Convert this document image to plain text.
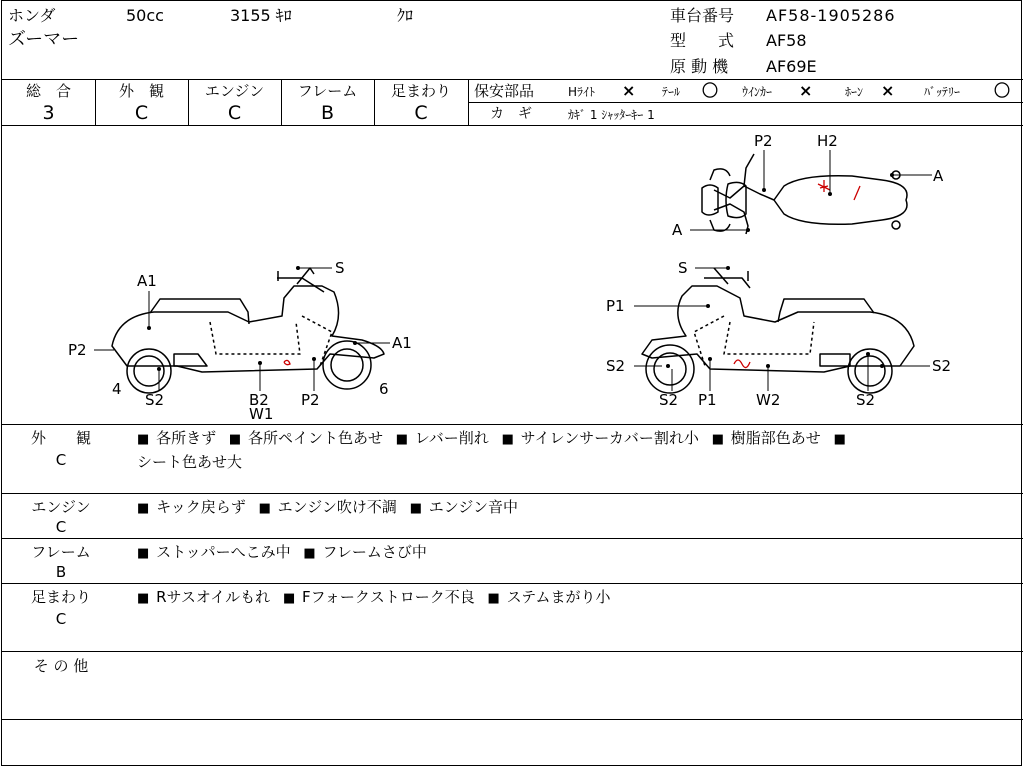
ホンダ	50cc	3155 ｷﾛ	ｸﾛ
ズーマー
車台番号 AF58-1905286
型　　式 AF58
原 動 機 AF69E
総　合
3
外　観
C
エンジン
C
フレーム
B
足まわり
C
保安部品	Hﾗｲﾄ × ﾃｰﾙ 〇 ｳｲﾝｶｰ ×	ﾎｰﾝ × ﾊﾞｯﾃﾘｰ 〇
カ　ギ	ｶｷﾞ 1 ｼｬｯﾀｰｷｰ 1
A1
P2
4
S2	B2
W1
P2
6
A1
S
P2	H2
A
A
S
P1
S2
S2 P1	W2	S2
S2
外　　観
C
■ 各所きず ■ 各所ペイント色あせ ■ レバー削れ ■ サイレンサーカバー割れ小 ■ 樹脂部色あせ ■
シート色あせ大
エンジン
C
■ キック戻らず ■ エンジン吹け不調 ■ エンジン音中
フレーム
B
■ ストッパーへこみ中 ■ フレームさび中
足まわり
C
■ Rサスオイルもれ ■ Fフォークストローク不良 ■ ステムまがり小
そ の 他
